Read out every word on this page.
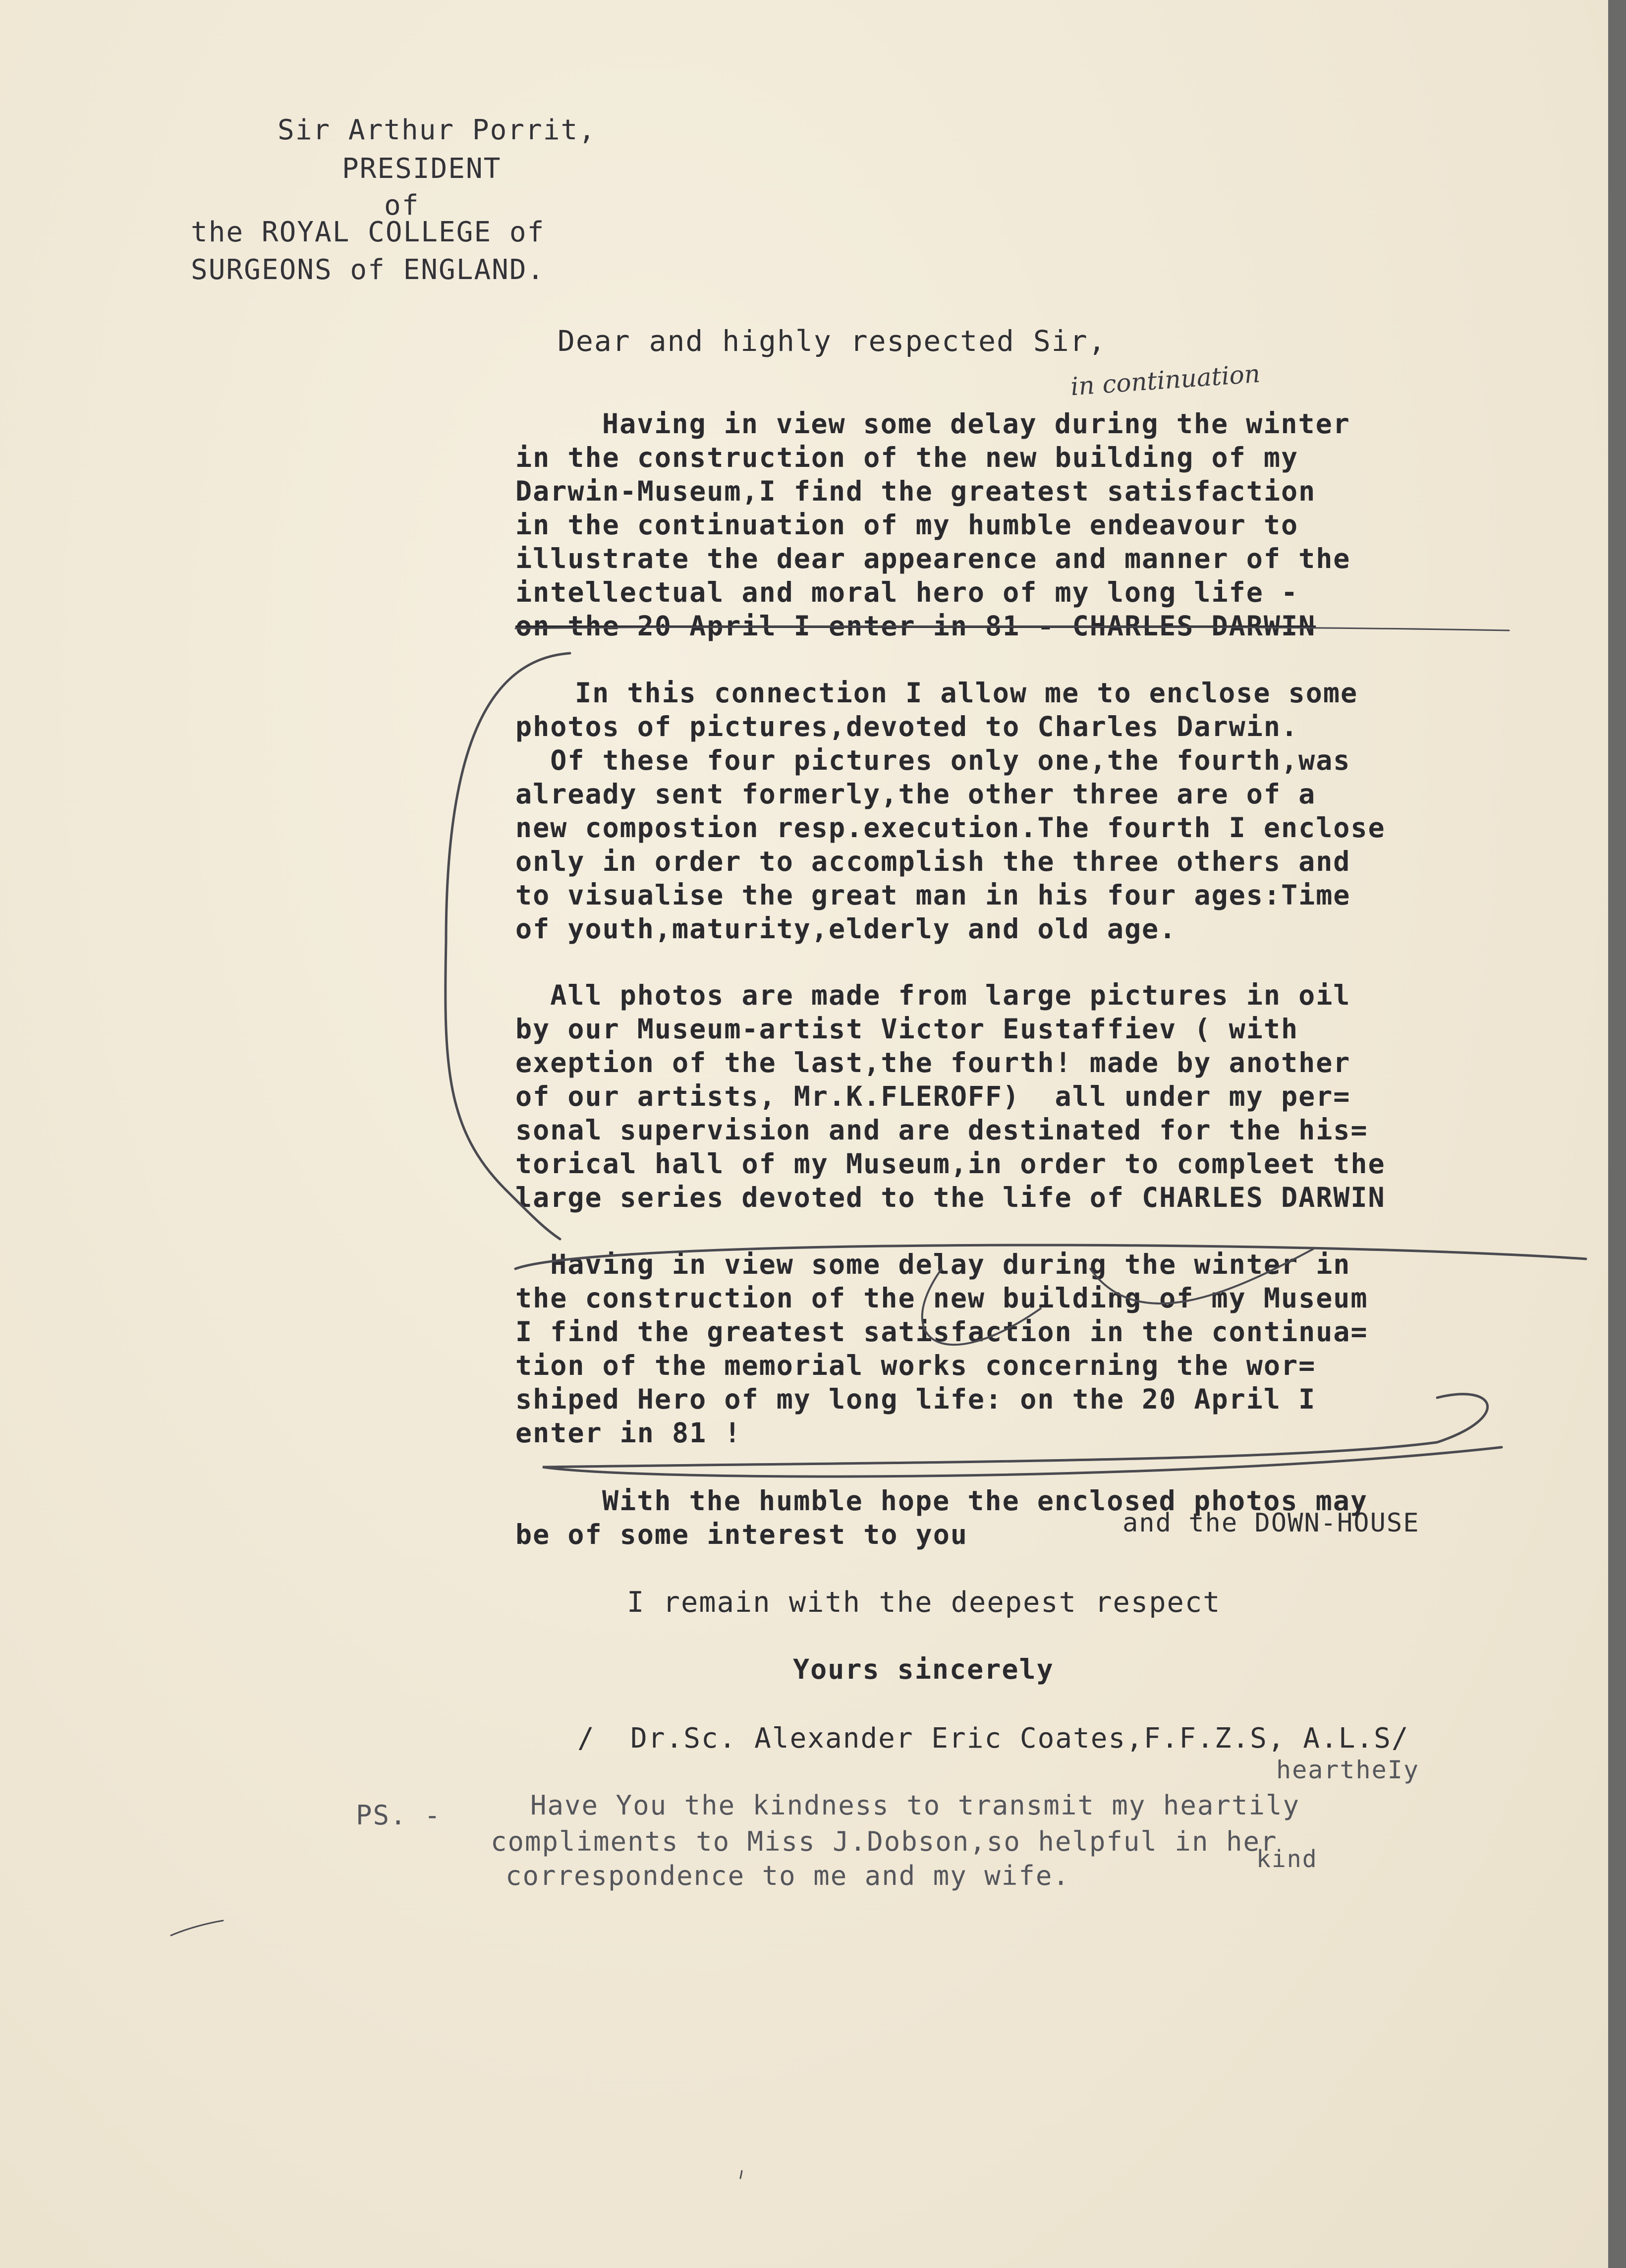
Sir Arthur Porrit,
PRESIDENT
of
the ROYAL COLLEGE of
SURGEONS of ENGLAND.
Dear and highly respected Sir,
in continuation
Having in view some delay during the winter
in the construction of the new building of my
Darwin-Museum,I find the greatest satisfaction
in the continuation of my humble endeavour to
illustrate the dear appearence and manner of the
intellectual and moral hero of my long life -
on the 20 April I enter in 81 - CHARLES DARWIN
In this connection I allow me to enclose some
photos of pictures,devoted to Charles Darwin.
Of these four pictures only one,the fourth,was
already sent formerly,the other three are of a
new compostion resp.execution.The fourth I enclose
only in order to accomplish the three others and
to visualise the great man in his four ages:Time
of youth,maturity,elderly and old age.
All photos are made from large pictures in oil
by our Museum-artist Victor Eustaffiev ( with
exeption of the last,the fourth! made by another
of our artists, Mr.K.FLEROFF)  all under my per=
sonal supervision and are destinated for the his=
torical hall of my Museum,in order to compleet the
large series devoted to the life of CHARLES DARWIN
Having in view some delay during the winter in
the construction of the new building of my Museum
I find the greatest satisfaction in the continua=
tion of the memorial works concerning the wor=
shiped Hero of my long life: on the 20 April I
enter in 81 !
With the humble hope the enclosed photos may
be of some interest to you	and the DOWN-HOUSE
I remain with the deepest respect
Yours sincerely
/  Dr.Sc. Alexander Eric Coates,F.F.Z.S, A.L.S/
heartheIy
PS. -	Have You the kindness to transmit my heartily
compliments to Miss J.Dobson,so helpful in her
kind
correspondence to me and my wife.
